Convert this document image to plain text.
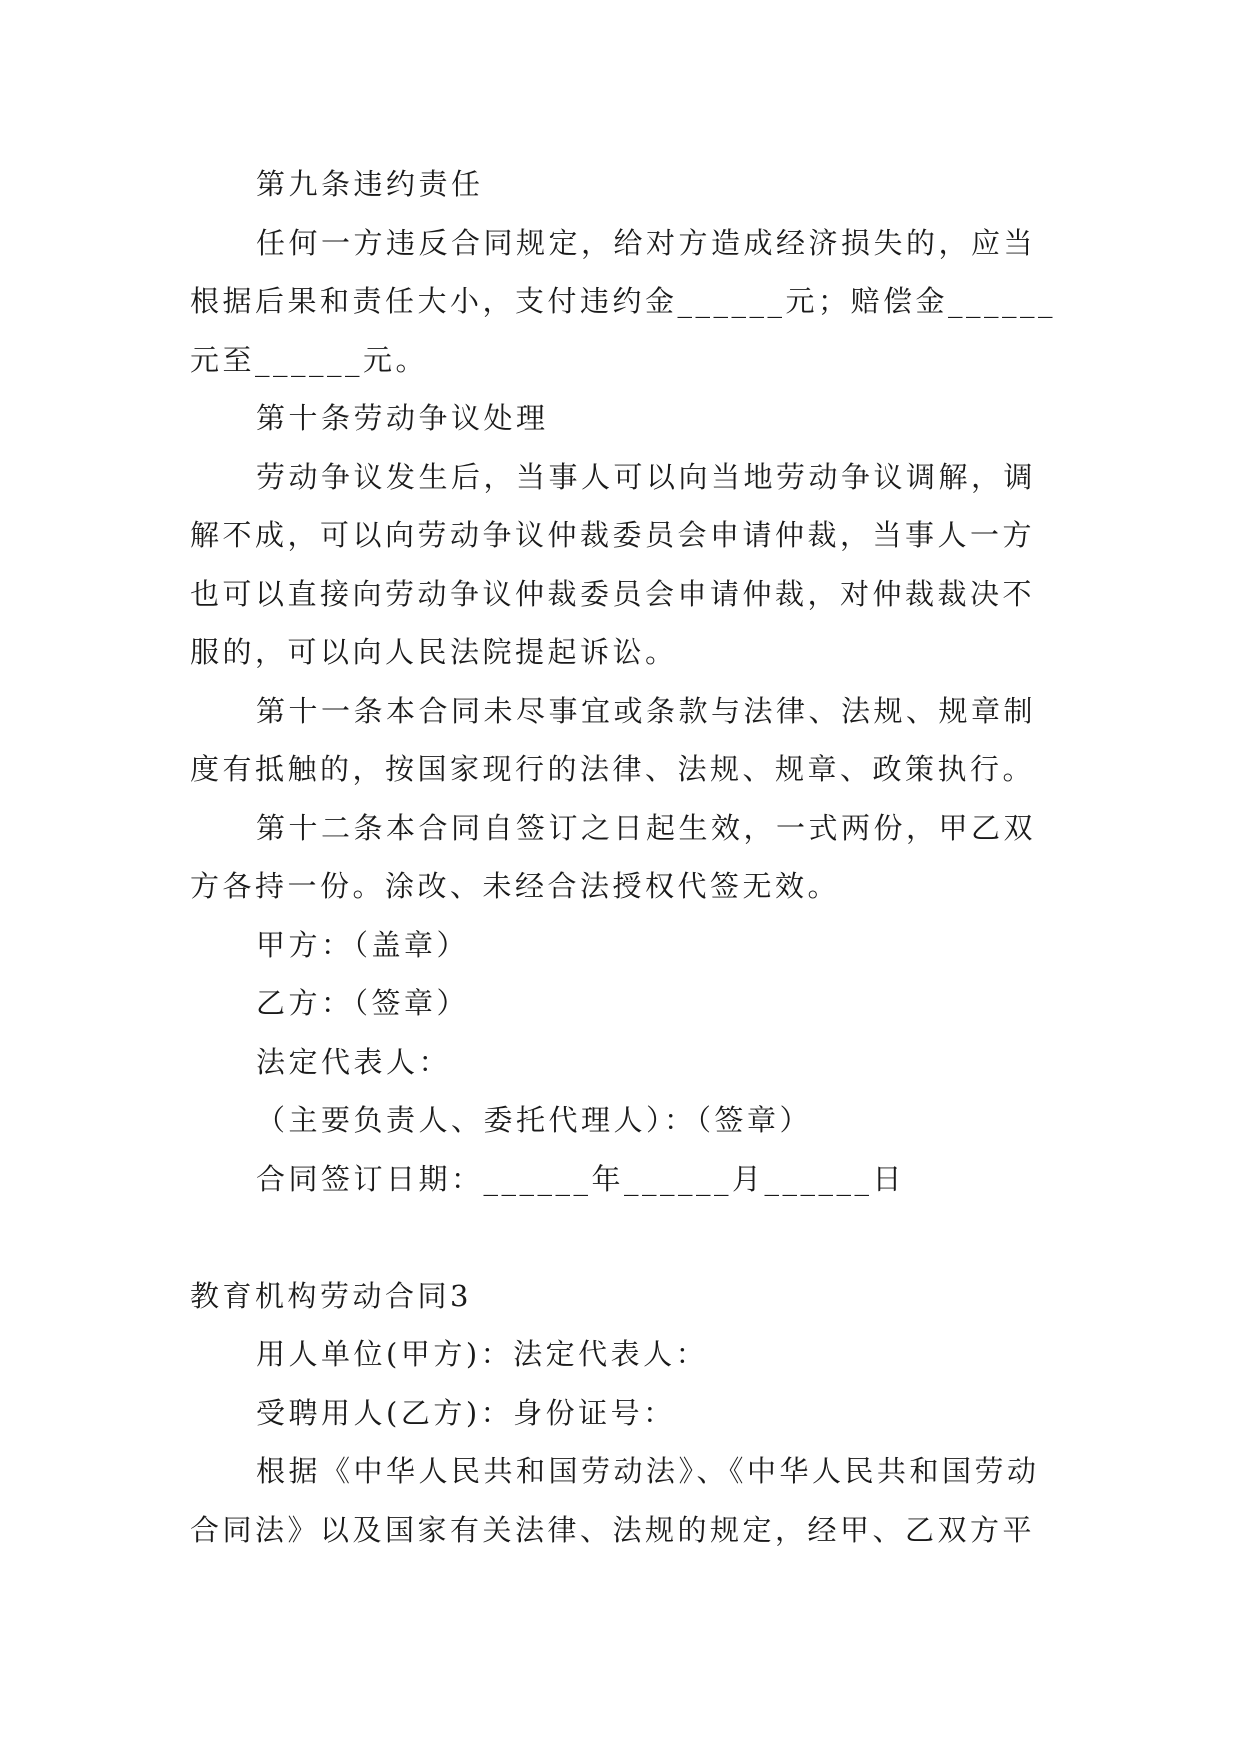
第九条违约责任
任何一方违反合同规定，给对方造成经济损失的，应当
根据后果和责任大小，支付违约金______元；赔偿金______
元至______元。
第十条劳动争议处理
劳动争议发生后，当事人可以向当地劳动争议调解，调
解不成，可以向劳动争议仲裁委员会申请仲裁，当事人一方
也可以直接向劳动争议仲裁委员会申请仲裁，对仲裁裁决不
服的，可以向人民法院提起诉讼。
第十一条本合同未尽事宜或条款与法律、法规、规章制
度有抵触的，按国家现行的法律、法规、规章、政策执行。
第十二条本合同自签订之日起生效，一式两份，甲乙双
方各持一份。涂改、未经合法授权代签无效。
甲方：（盖章）
乙方：（签章）
法定代表人：
（主要负责人、委托代理人）：（签章）
合同签订日期：______年______月______日
教育机构劳动合同3
用人单位(甲方)：法定代表人：
受聘用人(乙方)：身份证号：
根据《中华人民共和国劳动法》、《中华人民共和国劳动
合同法》以及国家有关法律、法规的规定，经甲、乙双方平
